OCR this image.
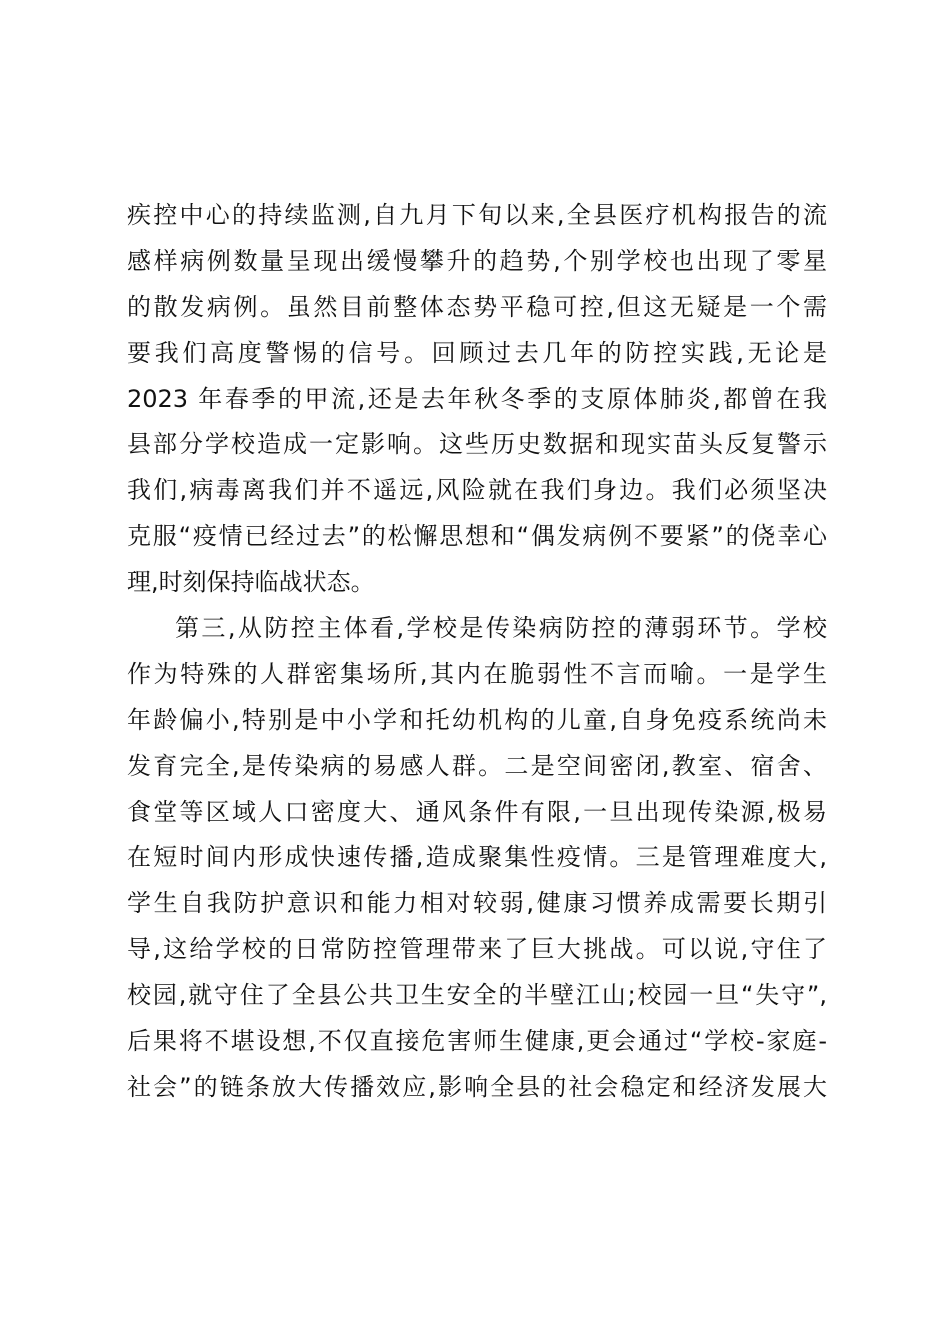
疾控中心的持续监测,自九月下旬以来,全县医疗机构报告的流
感样病例数量呈现出缓慢攀升的趋势,个别学校也出现了零星
的散发病例。虽然目前整体态势平稳可控,但这无疑是一个需
要我们高度警惕的信号。回顾过去几年的防控实践,无论是
2023 年春季的甲流,还是去年秋冬季的支原体肺炎,都曾在我
县部分学校造成一定影响。这些历史数据和现实苗头反复警示
我们,病毒离我们并不遥远,风险就在我们身边。我们必须坚决
克服“疫情已经过去”的松懈思想和“偶发病例不要紧”的侥幸心
理,时刻保持临战状态。
第三,从防控主体看,学校是传染病防控的薄弱环节。学校
作为特殊的人群密集场所,其内在脆弱性不言而喻。一是学生
年龄偏小,特别是中小学和托幼机构的儿童,自身免疫系统尚未
发育完全,是传染病的易感人群。二是空间密闭,教室、宿舍、
食堂等区域人口密度大、通风条件有限,一旦出现传染源,极易
在短时间内形成快速传播,造成聚集性疫情。三是管理难度大,
学生自我防护意识和能力相对较弱,健康习惯养成需要长期引
导,这给学校的日常防控管理带来了巨大挑战。可以说,守住了
校园,就守住了全县公共卫生安全的半壁江山;校园一旦“失守”,
后果将不堪设想,不仅直接危害师生健康,更会通过“学校-家庭-
社会”的链条放大传播效应,影响全县的社会稳定和经济发展大
